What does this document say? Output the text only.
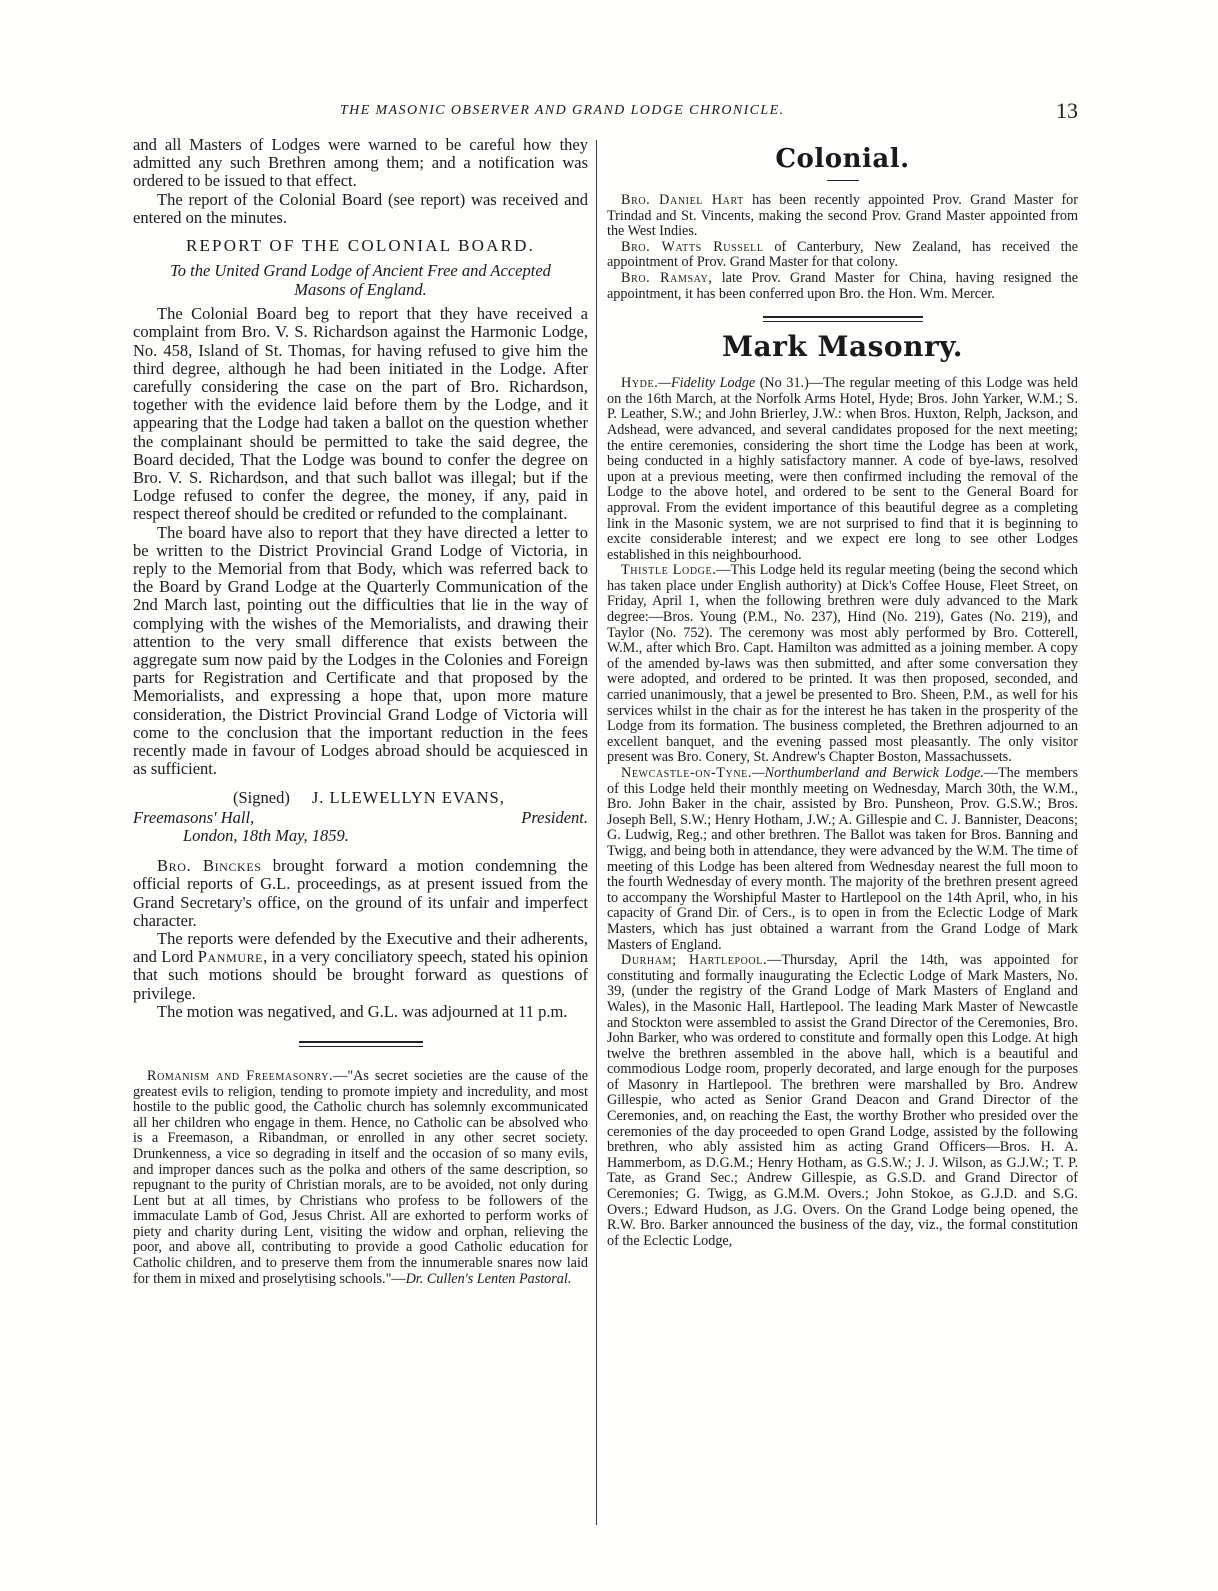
THE MASONIC OBSERVER AND GRAND LODGE CHRONICLE.	13

and all Masters of Lodges were warned to be careful how they admitted any such Brethren among them; and a notification was ordered to be issued to that effect.

The report of the Colonial Board (see report) was received and entered on the minutes.

REPORT OF THE COLONIAL BOARD.
To the United Grand Lodge of Ancient Free and Accepted Masons of England.

The Colonial Board beg to report that they have received a complaint from Bro. V. S. Richardson against the Harmonic Lodge, No. 458, Island of St. Thomas, for having refused to give him the third degree, although he had been initiated in the Lodge. After carefully considering the case on the part of Bro. Richardson, together with the evidence laid before them by the Lodge, and it appearing that the Lodge had taken a ballot on the question whether the complainant should be permitted to take the said degree, the Board decided, That the Lodge was bound to confer the degree on Bro. V. S. Richardson, and that such ballot was illegal; but if the Lodge refused to confer the degree, the money, if any, paid in respect thereof should be credited or refunded to the complainant.

The board have also to report that they have directed a letter to be written to the District Provincial Grand Lodge of Victoria, in reply to the Memorial from that Body, which was referred back to the Board by Grand Lodge at the Quarterly Communication of the 2nd March last, pointing out the difficulties that lie in the way of complying with the wishes of the Memorialists, and drawing their attention to the very small difference that exists between the aggregate sum now paid by the Lodges in the Colonies and Foreign parts for Registration and Certificate and that proposed by the Memorialists, and expressing a hope that, upon more mature consideration, the District Provincial Grand Lodge of Victoria will come to the conclusion that the important reduction in the fees recently made in favour of Lodges abroad should be acquiesced in as sufficient.

(Signed) J. LLEWELLYN EVANS,
Freemasons' Hall,	President.
London, 18th May, 1859.

Bro. Binckes brought forward a motion condemning the official reports of G.L. proceedings, as at present issued from the Grand Secretary's office, on the ground of its unfair and imperfect character.

The reports were defended by the Executive and their adherents, and Lord Panmure, in a very conciliatory speech, stated his opinion that such motions should be brought forward as questions of privilege.

The motion was negatived, and G.L. was adjourned at 11 p.m.

Romanism and Freemasonry.—"As secret societies are the cause of the greatest evils to religion, tending to promote impiety and incredulity, and most hostile to the public good, the Catholic church has solemnly excommunicated all her children who engage in them. Hence, no Catholic can be absolved who is a Freemason, a Ribandman, or enrolled in any other secret society. Drunkenness, a vice so degrading in itself and the occasion of so many evils, and improper dances such as the polka and others of the same description, so repugnant to the purity of Christian morals, are to be avoided, not only during Lent but at all times, by Christians who profess to be followers of the immaculate Lamb of God, Jesus Christ. All are exhorted to perform works of piety and charity during Lent, visiting the widow and orphan, relieving the poor, and above all, contributing to provide a good Catholic education for Catholic children, and to preserve them from the innumerable snares now laid for them in mixed and proselytising schools."—Dr. Cullen's Lenten Pastoral.

Colonial.

Bro. Daniel Hart has been recently appointed Prov. Grand Master for Trindad and St. Vincents, making the second Prov. Grand Master appointed from the West Indies.

Bro. Watts Russell of Canterbury, New Zealand, has received the appointment of Prov. Grand Master for that colony.

Bro. Ramsay, late Prov. Grand Master for China, having resigned the appointment, it has been conferred upon Bro. the Hon. Wm. Mercer.

Mark Masonry.

Hyde.—Fidelity Lodge (No 31.)—The regular meeting of this Lodge was held on the 16th March, at the Norfolk Arms Hotel, Hyde; Bros. John Yarker, W.M.; S. P. Leather, S.W.; and John Brierley, J.W.: when Bros. Huxton, Relph, Jackson, and Adshead, were advanced, and several candidates proposed for the next meeting; the entire ceremonies, considering the short time the Lodge has been at work, being conducted in a highly satisfactory manner. A code of bye-laws, resolved upon at a previous meeting, were then confirmed including the removal of the Lodge to the above hotel, and ordered to be sent to the General Board for approval. From the evident importance of this beautiful degree as a completing link in the Masonic system, we are not surprised to find that it is beginning to excite considerable interest; and we expect ere long to see other Lodges established in this neighbourhood.

Thistle Lodge.—This Lodge held its regular meeting (being the second which has taken place under English authority) at Dick's Coffee House, Fleet Street, on Friday, April 1, when the following brethren were duly advanced to the Mark degree:—Bros. Young (P.M., No. 237), Hind (No. 219), Gates (No. 219), and Taylor (No. 752). The ceremony was most ably performed by Bro. Cotterell, W.M., after which Bro. Capt. Hamilton was admitted as a joining member. A copy of the amended by-laws was then submitted, and after some conversation they were adopted, and ordered to be printed. It was then proposed, seconded, and carried unanimously, that a jewel be presented to Bro. Sheen, P.M., as well for his services whilst in the chair as for the interest he has taken in the prosperity of the Lodge from its formation. The business completed, the Brethren adjourned to an excellent banquet, and the evening passed most pleasantly. The only visitor present was Bro. Conery, St. Andrew's Chapter Boston, Massachussets.

Newcastle-on-Tyne.—Northumberland and Berwick Lodge.—The members of this Lodge held their monthly meeting on Wednesday, March 30th, the W.M., Bro. John Baker in the chair, assisted by Bro. Punsheon, Prov. G.S.W.; Bros. Joseph Bell, S.W.; Henry Hotham, J.W.; A. Gillespie and C. J. Bannister, Deacons; G. Ludwig, Reg.; and other brethren. The Ballot was taken for Bros. Banning and Twigg, and being both in attendance, they were advanced by the W.M. The time of meeting of this Lodge has been altered from Wednesday nearest the full moon to the fourth Wednesday of every month. The majority of the brethren present agreed to accompany the Worshipful Master to Hartlepool on the 14th April, who, in his capacity of Grand Dir. of Cers., is to open in from the Eclectic Lodge of Mark Masters, which has just obtained a warrant from the Grand Lodge of Mark Masters of England.

Durham; Hartlepool.—Thursday, April the 14th, was appointed for constituting and formally inaugurating the Eclectic Lodge of Mark Masters, No. 39, (under the registry of the Grand Lodge of Mark Masters of England and Wales), in the Masonic Hall, Hartlepool. The leading Mark Master of Newcastle and Stockton were assembled to assist the Grand Director of the Ceremonies, Bro. John Barker, who was ordered to constitute and formally open this Lodge. At high twelve the brethren assembled in the above hall, which is a beautiful and commodious Lodge room, properly decorated, and large enough for the purposes of Masonry in Hartlepool. The brethren were marshalled by Bro. Andrew Gillespie, who acted as Senior Grand Deacon and Grand Director of the Ceremonies, and, on reaching the East, the worthy Brother who presided over the ceremonies of the day proceeded to open Grand Lodge, assisted by the following brethren, who ably assisted him as acting Grand Officers—Bros. H. A. Hammerbom, as D.G.M.; Henry Hotham, as G.S.W.; J. J. Wilson, as G.J.W.; T. P. Tate, as Grand Sec.; Andrew Gillespie, as G.S.D. and Grand Director of Ceremonies; G. Twigg, as G.M.M. Overs.; John Stokoe, as G.J.D. and S.G. Overs.; Edward Hudson, as J.G. Overs. On the Grand Lodge being opened, the R.W. Bro. Barker announced the business of the day, viz., the formal constitution of the Eclectic Lodge,
